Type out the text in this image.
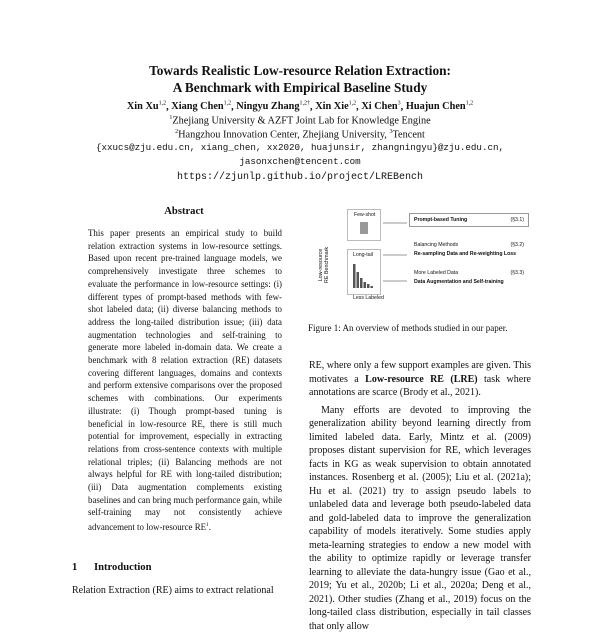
Towards Realistic Low-resource Relation Extraction:
A Benchmark with Empirical Baseline Study
Xin Xu$^{1,2}$, Xiang Chen$^{1,2}$, Ningyu Zhang$^{1,2\dagger}$, Xin Xie$^{1,2}$, Xi Chen$^3$, Huajun Chen$^{1,2}$
$^1$Zhejiang University & AZFT Joint Lab for Knowledge Engine
$^2$Hangzhou Innovation Center, Zhejiang University, $^3$Tencent
{xxucs@zju.edu.cn, xiang_chen, xx2020, huajunsir, zhangningyu}@zju.edu.cn,
jasonxchen@tencent.com
https://zjunlp.github.io/project/LREBench
Abstract
This paper presents an empirical study to build relation extraction systems in low-resource settings. Based upon recent pre-trained language models, we comprehensively investigate three schemes to evaluate the performance in low-resource settings: (i) different types of prompt-based methods with few-shot labeled data; (ii) diverse balancing methods to address the long-tailed distribution issue; (iii) data augmentation technologies and self-training to generate more labeled in-domain data. We create a benchmark with 8 relation extraction (RE) datasets covering different languages, domains and contexts and perform extensive comparisons over the proposed schemes with combinations. Our experiments illustrate: (i) Though prompt-based tuning is beneficial in low-resource RE, there is still much potential for improvement, especially in extracting relations from cross-sentence contexts with multiple relational triples; (ii) Balancing methods are not always helpful for RE with long-tailed distribution; (iii) Data augmentation complements existing baselines and can bring much performance gain, while self-training may not consistently achieve advancement to low-resource $RE^1$.
1 Introduction
Relation Extraction (RE) aims to extract relational
Low-resource RE Benchmark
Few-shot
Long-tail
Less Labeled
Prompt-based Tuning	(§3.1)
Balancing Methods	(§3.2)
Re-sampling Data and Re-weighting Loss
More Labeled Data	(§3.3)
Data Augmentation and Self-training
Figure 1: An overview of methods studied in our paper.

RE, where only a few support examples are given. This motivates a Low-resource RE (LRE) task where annotations are scarce (Brody et al., 2021).

Many efforts are devoted to improving the generalization ability beyond learning directly from limited labeled data. Early, Mintz et al. (2009) proposes distant supervision for RE, which leverages facts in KG as weak supervision to obtain annotated instances. Rosenberg et al. (2005); Liu et al. (2021a); Hu et al. (2021) try to assign pseudo labels to unlabeled data and leverage both pseudo-labeled data and gold-labeled data to improve the generalization capability of models iteratively. Some studies apply meta-learning strategies to endow a new model with the ability to optimize rapidly or leverage transfer learning to alleviate the data-hungry issue (Gao et al., 2019; Yu et al., 2020b; Li et al., 2020a; Deng et al., 2021). Other studies (Zhang et al., 2019) focus on the long-tailed class distribution, especially in tail classes that only allow
